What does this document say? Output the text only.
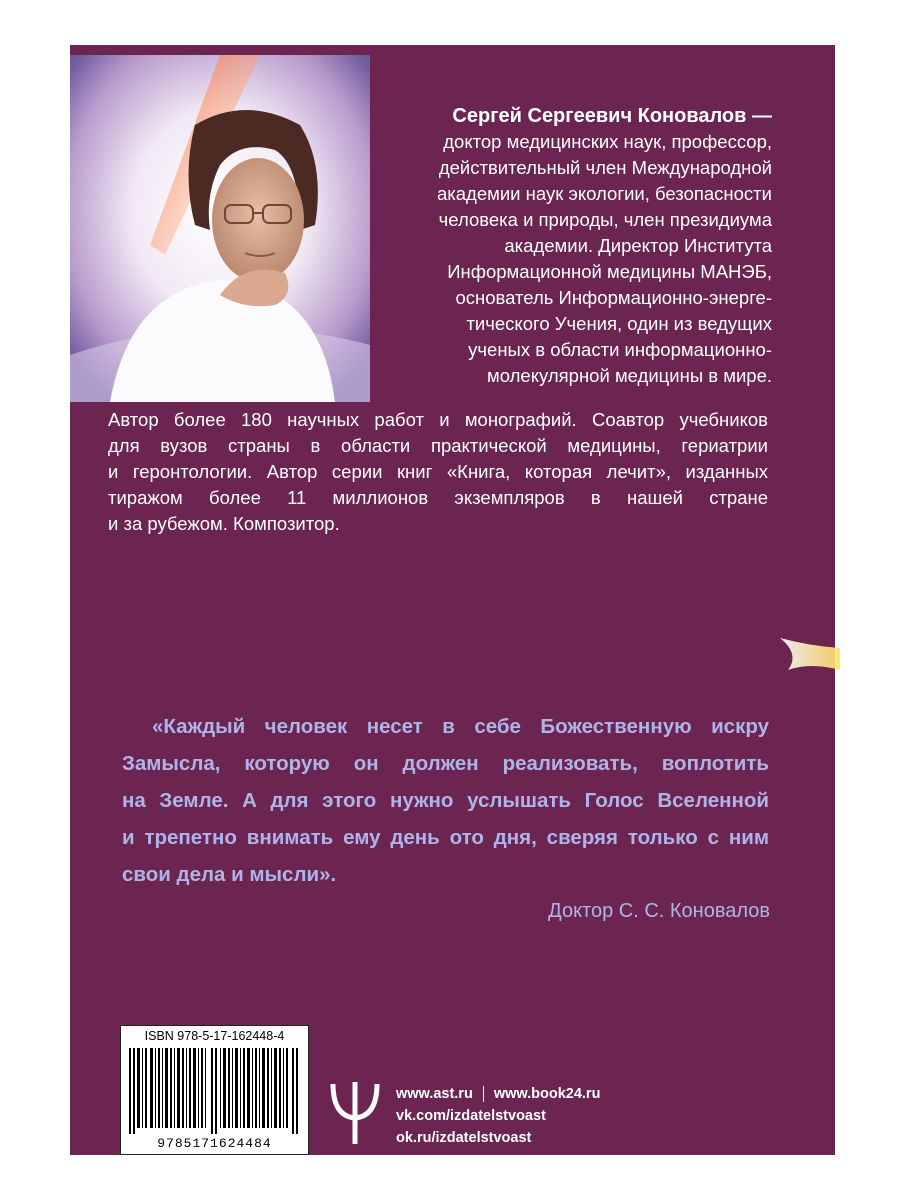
Сергей Сергеевич Коновалов —
доктор медицинских наук, профессор,
действительный член Международной
академии наук экологии, безопасности
человека и природы, член президиума
академии. Директор Института
Информационной медицины МАНЭБ,
основатель Информационно-энерге-
тического Учения, один из ведущих
ученых в области информационно-
молекулярной медицины в мире.
Автор более 180 научных работ и монографий. Соавтор учебников
для вузов страны в области практической медицины, гериатрии
и геронтологии. Автор серии книг «Книга, которая лечит», изданных
тиражом более 11 миллионов экземпляров в нашей стране
и за рубежом. Композитор.
«Каждый человек несет в себе Божественную искру
Замысла, которую он должен реализовать, воплотить
на Земле. А для этого нужно услышать Голос Вселенной
и трепетно внимать ему день ото дня, сверяя только с ним
свои дела и мысли».
Доктор С. С. Коновалов
ISBN 978-5-17-162448-4
9785171624484
www.ast.ru www.book24.ru
vk.com/izdatelstvoast
ok.ru/izdatelstvoast
